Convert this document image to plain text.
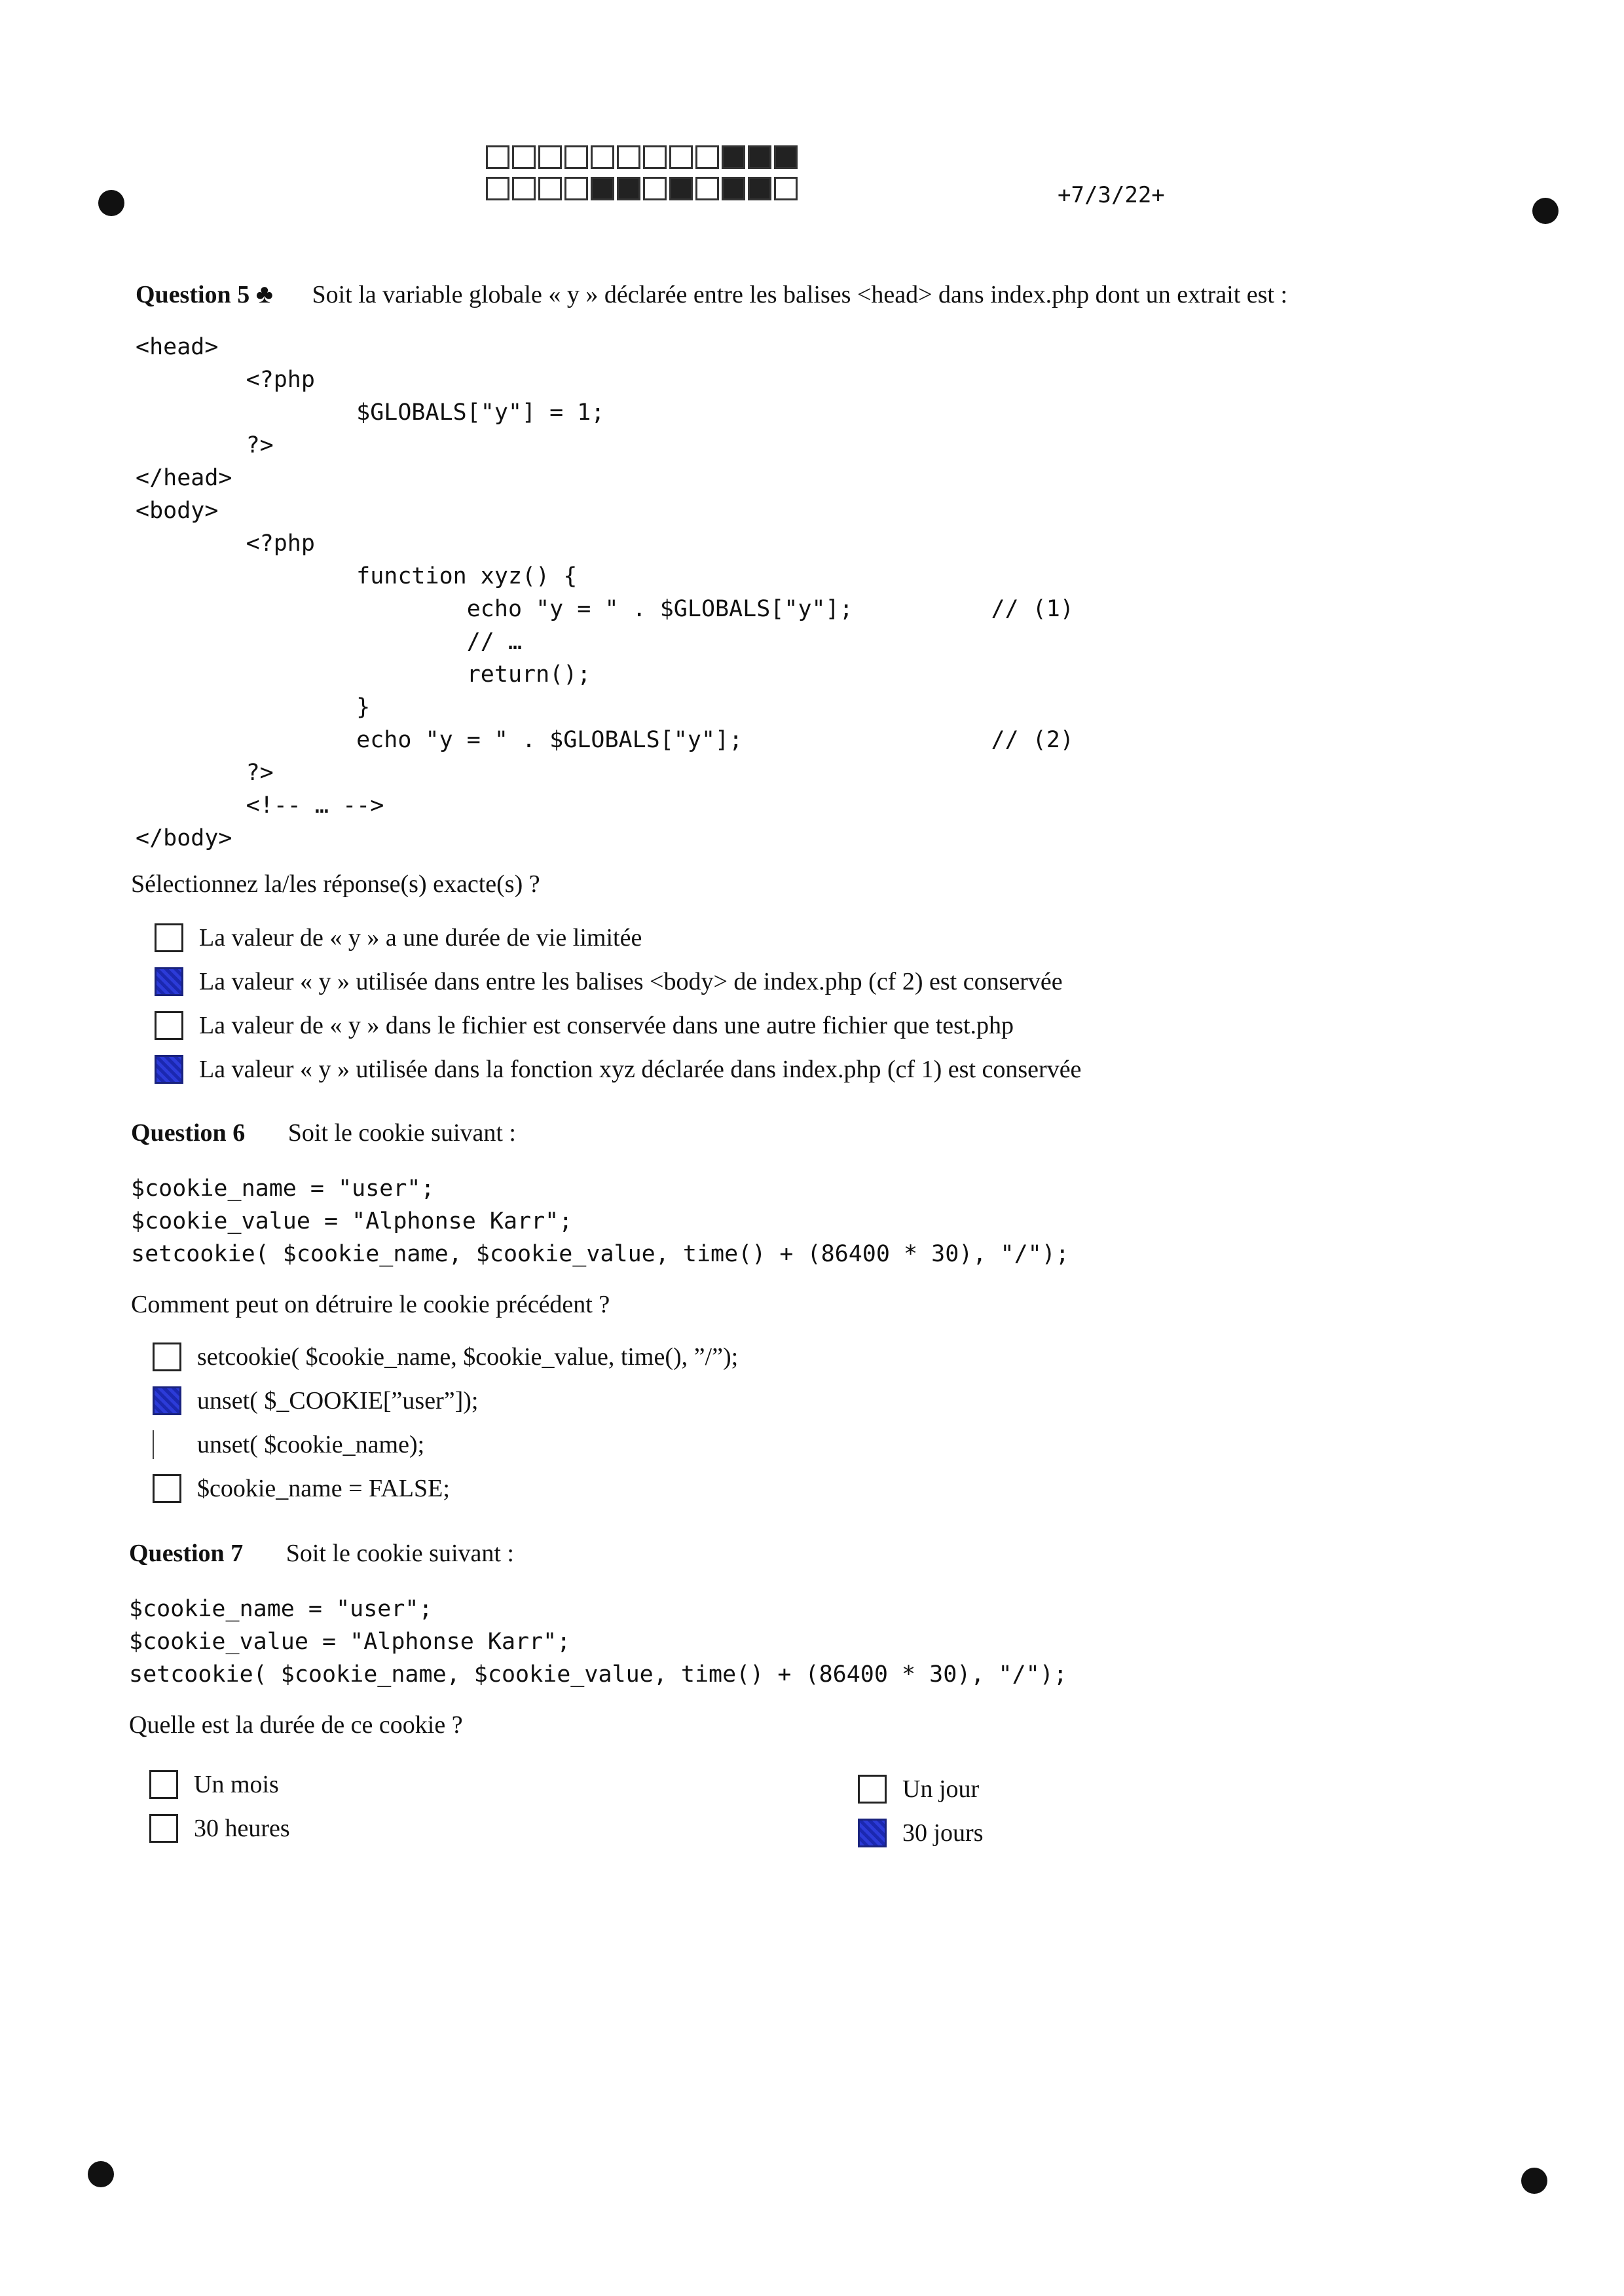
+7/3/22+
Question 5 ♣ Soit la variable globale « y » déclarée entre les balises <head> dans index.php dont un extrait est :
<head>
<?php
$GLOBALS["y"] = 1;
?>
</head>
<body>
<?php
function xyz() {
echo "y = " . $GLOBALS["y"];          // (1)
// …
return();
}
echo "y = " . $GLOBALS["y"];                  // (2)
?>
<!-- … -->
</body>
Sélectionnez la/les réponse(s) exacte(s) ?
La valeur de « y » a une durée de vie limitée
La valeur « y » utilisée dans entre les balises <body> de index.php (cf 2) est conservée
La valeur de « y » dans le fichier est conservée dans une autre fichier que test.php
La valeur « y » utilisée dans la fonction xyz déclarée dans index.php (cf 1) est conservée
Question 6 Soit le cookie suivant :
$cookie_name = "user";
$cookie_value = "Alphonse Karr";
setcookie( $cookie_name, $cookie_value, time() + (86400 * 30), "/");
Comment peut on détruire le cookie précédent ?
setcookie( $cookie_name, $cookie_value, time(), ”/”);
unset( $_COOKIE[”user”]);
unset( $cookie_name);
$cookie_name = FALSE;
Question 7 Soit le cookie suivant :
$cookie_name = "user";
$cookie_value = "Alphonse Karr";
setcookie( $cookie_name, $cookie_value, time() + (86400 * 30), "/");
Quelle est la durée de ce cookie ?
Un mois
30 heures
Un jour
30 jours
